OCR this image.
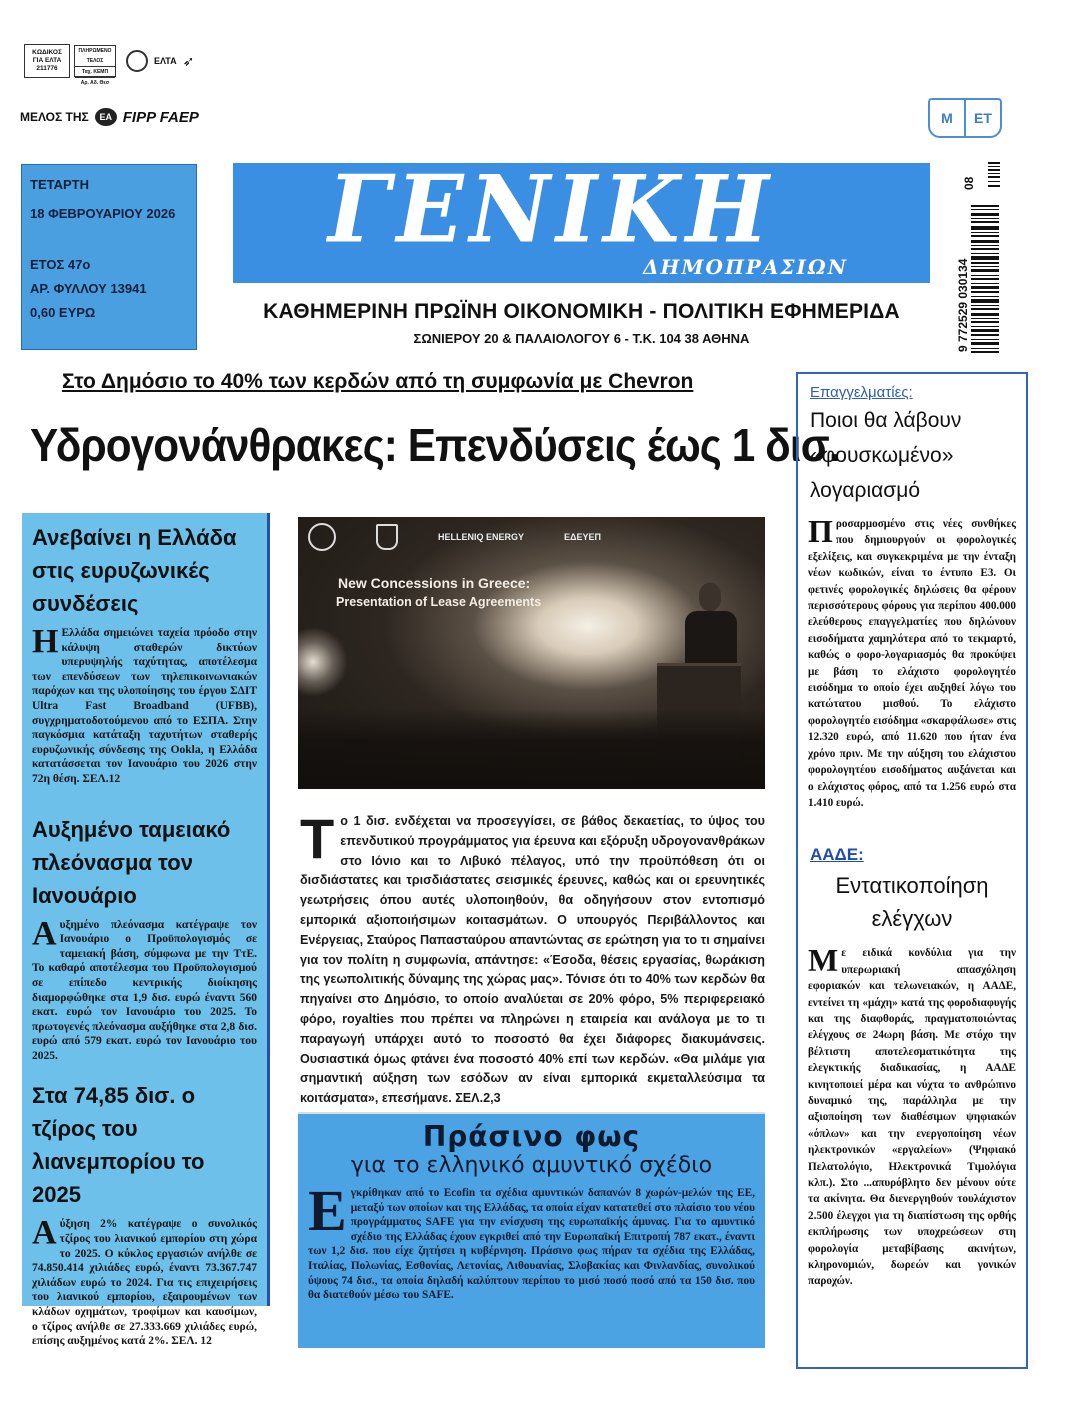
ΚΩΔΙΚΟΣ
ΓΙΑ ΕΛΤΑ
211776
ΠΛΗΡΩΜΕΝΟ ΤΕΛΟΣ
Ταχ. ΚΕΜΠ
Αρ. Αδ. Θεσ
ΕΛΤΑ ➶
ΜΕΛΟΣ ΤΗΣ	EA FIPP FAEP
ΤΕΤΑΡΤΗ
18 ΦΕΒΡΟΥΑΡΙΟΥ 2026
ΕΤΟΣ 47ο
ΑΡ. ΦΥΛΛΟΥ 13941
0,60 ΕΥΡΩ
ΓΕΝΙΚΗ
ΔΗΜΟΠΡΑΣΙΩΝ
ΚΑΘΗΜΕΡΙΝΗ ΠΡΩΪΝΗ ΟΙΚΟΝΟΜΙΚΗ - ΠΟΛΙΤΙΚΗ ΕΦΗΜΕΡΙΔΑ
ΣΩΝΙΕΡΟΥ 20 & ΠΑΛΑΙΟΛΟΓΟΥ 6 - Τ.Κ. 104 38 ΑΘΗΝΑ
M	ET
08
9 772529 030134
Στο Δημόσιο το 40% των κερδών από τη συμφωνία με Chevron
Υδρογονάνθρακες: Επενδύσεις έως 1 δισ.
Ανεβαίνει η Ελλάδα στις ευρυζωνικές συνδέσεις
Η Ελλάδα σημειώνει ταχεία πρόοδο στην κάλυψη σταθερών δικτύων υπερυψηλής ταχύτητας, αποτέλεσμα των επενδύσεων των τηλεπικοινωνιακών παρόχων και της υλοποίησης του έργου ΣΔΙΤ Ultra Fast Broadband (UFBB), συγχρηματοδοτούμενου από το ΕΣΠΑ. Στην παγκόσμια κατάταξη ταχυτήτων σταθερής ευρυζωνικής σύνδεσης της Ookla, η Ελλάδα κατατάσσεται τον Ιανουάριο του 2026 στην 72η θέση. ΣΕΛ.12
Αυξημένο ταμειακό πλεόνασμα τον Ιανουάριο
Αυξημένο πλεόνασμα κατέγραψε τον Ιανουάριο ο Προϋπολογισμός σε ταμειακή βάση, σύμφωνα με την ΤτΕ. Το καθαρό αποτέλεσμα του Προϋπολογισμού σε επίπεδο κεντρικής διοίκησης διαμορφώθηκε στα 1,9 δισ. ευρώ έναντι 560 εκατ. ευρώ τον Ιανουάριο του 2025. Το πρωτογενές πλεόνασμα αυξήθηκε στα 2,8 δισ. ευρώ από 579 εκατ. ευρώ τον Ιανουάριο του 2025.
Στα 74,85 δισ. ο τζίρος του λιανεμπορίου το 2025
Αύξηση 2% κατέγραψε ο συνολικός τζίρος του λιανικού εμπορίου στη χώρα το 2025. Ο κύκλος εργασιών ανήλθε σε 74.850.414 χιλιάδες ευρώ, έναντι 73.367.747 χιλιάδων ευρώ το 2024. Για τις επιχειρήσεις του λιανικού εμπορίου, εξαιρουμένων των κλάδων οχημάτων, τροφίμων και καυσίμων, ο τζίρος ανήλθε σε 27.333.669 χιλιάδες ευρώ, επίσης αυξημένος κατά 2%. ΣΕΛ. 12
HELLENIQ ENERGY	ΕΔΕΥΕΠ
New Concessions in Greece:
Presentation of Lease Agreements
Το 1 δισ. ενδέχεται να προσεγγίσει, σε βάθος δεκαετίας, το ύψος του επενδυτικού προγράμματος για έρευνα και εξόρυξη υδρογονανθράκων στο Ιόνιο και το Λιβυκό πέλαγος, υπό την προϋπόθεση ότι οι δισδιάστατες και τρισδιάστατες σεισμικές έρευνες, καθώς και οι ερευνητικές γεωτρήσεις όπου αυτές υλοποιηθούν, θα οδηγήσουν στον εντοπισμό εμπορικά αξιοποιήσιμων κοιτασμάτων. Ο υπουργός Περιβάλλοντος και Ενέργειας, Σταύρος Παπασταύρου απαντώντας σε ερώτηση για το τι σημαίνει για τον πολίτη η συμφωνία, απάντησε: «Έσοδα, θέσεις εργασίας, θωράκιση της γεωπολιτικής δύναμης της χώρας μας». Τόνισε ότι το 40% των κερδών θα πηγαίνει στο Δημόσιο, το οποίο αναλύεται σε 20% φόρο, 5% περιφερειακό φόρο, royalties που πρέπει να πληρώνει η εταιρεία και ανάλογα με το τι παραγωγή υπάρχει αυτό το ποσοστό θα έχει διάφορες διακυμάνσεις. Ουσιαστικά όμως φτάνει ένα ποσοστό 40% επί των κερδών. «Θα μιλάμε για σημαντική αύξηση των εσόδων αν είναι εμπορικά εκμεταλλεύσιμα τα κοιτάσματα», επεσήμανε. ΣΕΛ.2,3
Πράσινο φως
για το ελληνικό αμυντικό σχέδιο
Εγκρίθηκαν από το Ecofin τα σχέδια αμυντικών δαπανών 8 χωρών-μελών της ΕΕ, μεταξύ των οποίων και της Ελλάδας, τα οποία είχαν κατατεθεί στο πλαίσιο του νέου προγράμματος SAFE για την ενίσχυση της ευρωπαϊκής άμυνας. Για το αμυντικό σχέδιο της Ελλάδας έχουν εγκριθεί από την Ευρωπαϊκή Επιτροπή 787 εκατ., έναντι των 1,2 δισ. που είχε ζητήσει η κυβέρνηση. Πράσινο φως πήραν τα σχέδια της Ελλάδας, Ιταλίας, Πολωνίας, Εσθονίας, Λετονίας, Λιθουανίας, Σλοβακίας και Φινλανδίας, συνολικού ύψους 74 δισ., τα οποία δηλαδή καλύπτουν περίπου το μισό ποσό ποσό από τα 150 δισ. που θα διατεθούν μέσω του SAFE.
Επαγγελματίες:
Ποιοι θα λάβουν «φουσκωμένο» λογαριασμό
Προσαρμοσμένο στις νέες συνθήκες που δημιουργούν οι φορολογικές εξελίξεις, και συγκεκριμένα με την ένταξη νέων κωδικών, είναι το έντυπο Ε3. Οι φετινές φορολογικές δηλώσεις θα φέρουν περισσότερους φόρους για περίπου 400.000 ελεύθερους επαγγελματίες που δηλώνουν εισοδήματα χαμηλότερα από το τεκμαρτό, καθώς ο φορο-λογαριασμός θα προκύψει με βάση το ελάχιστο φορολογητέο εισόδημα το οποίο έχει αυξηθεί λόγω του κατώτατου μισθού. Το ελάχιστο φορολογητέο εισόδημα «σκαρφάλωσε» στις 12.320 ευρώ, από 11.620 που ήταν ένα χρόνο πριν. Με την αύξηση του ελάχιστου φορολογητέου εισοδήματος αυξάνεται και ο ελάχιστος φόρος, από τα 1.256 ευρώ στα 1.410 ευρώ.
ΑΑΔΕ:
Εντατικοποίηση ελέγχων
Με ειδικά κονδύλια για την υπερωριακή απασχόληση εφοριακών και τελωνειακών, η ΑΑΔΕ, εντείνει τη «μάχη» κατά της φοροδιαφυγής και της διαφθοράς, πραγματοποιώντας ελέγχους σε 24ωρη βάση. Με στόχο την βέλτιστη αποτελεσματικότητα της ελεγκτικής διαδικασίας, η ΑΑΔΕ κινητοποιεί μέρα και νύχτα το ανθρώπινο δυναμικό της, παράλληλα με την αξιοποίηση των διαθέσιμων ψηφιακών «όπλων» και την ενεργοποίηση νέων ηλεκτρονικών «εργαλείων» (Ψηφιακό Πελατολόγιο, Ηλεκτρονικά Τιμολόγια κλπ.). Στο ...απυρόβλητο δεν μένουν ούτε τα ακίνητα. Θα διενεργηθούν τουλάχιστον 2.500 έλεγχοι για τη διαπίστωση της ορθής εκπλήρωσης των υποχρεώσεων στη φορολογία μεταβίβασης ακινήτων, κληρονομιών, δωρεών και γονικών παροχών.
